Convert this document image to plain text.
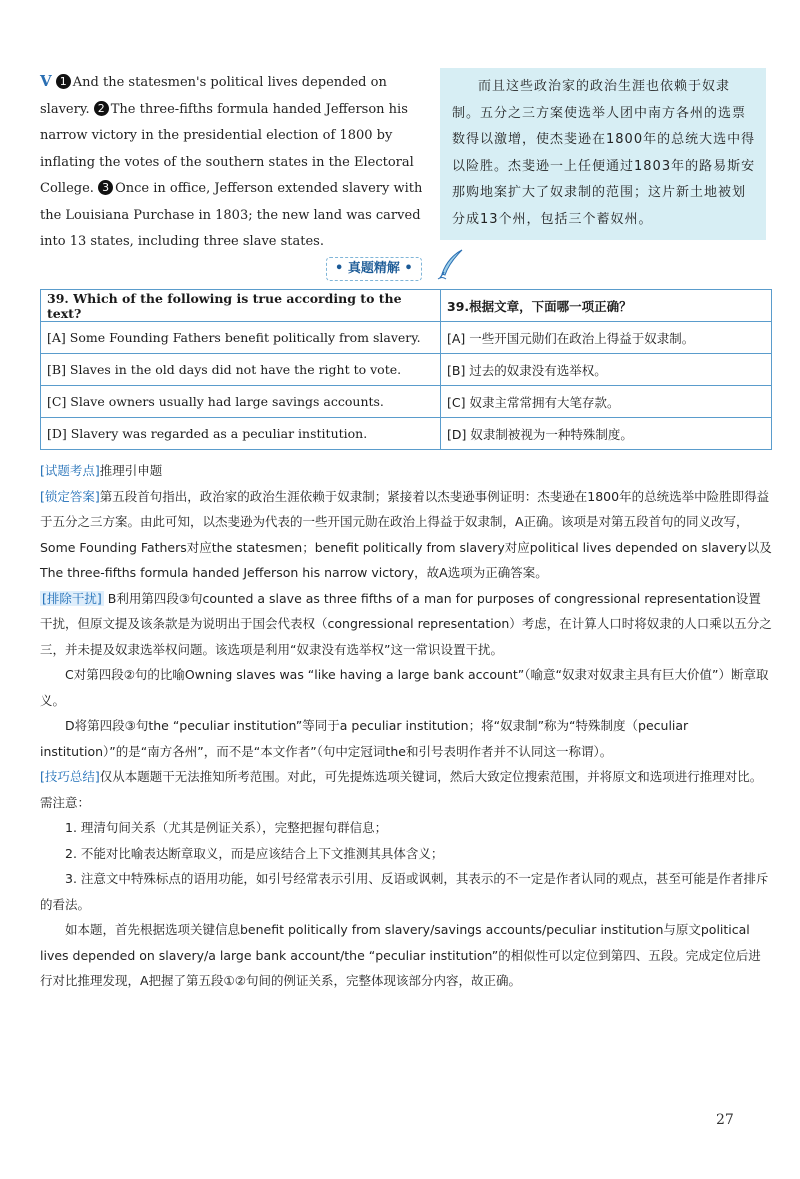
V 1 And the statesmen's political lives depended on slavery. 2 The three-fifths formula handed Jefferson his narrow victory in the presidential election of 1800 by inflating the votes of the southern states in the Electoral College. 3 Once in office, Jefferson extended slavery with the Louisiana Purchase in 1803; the new land was carved into 13 states, including three slave states.
而且这些政治家的政治生涯也依赖于奴隶制。五分之三方案使选举人团中南方各州的选票数得以激增，使杰斐逊在1800年的总统大选中得以险胜。杰斐逊一上任便通过1803年的路易斯安那购地案扩大了奴隶制的范围；这片新土地被划分成13个州，包括三个蓄奴州。
• 真题精解 •
39. Which of the following is true according to the text?	39.根据文章，下面哪一项正确？
[A] Some Founding Fathers benefit politically from slavery.	[A] 一些开国元勋们在政治上得益于奴隶制。
[B] Slaves in the old days did not have the right to vote.	[B] 过去的奴隶没有选举权。
[C] Slave owners usually had large savings accounts.	[C] 奴隶主常常拥有大笔存款。
[D] Slavery was regarded as a peculiar institution.	[D] 奴隶制被视为一种特殊制度。

[试题考点]推理引申题

[锁定答案]第五段首句指出，政治家的政治生涯依赖于奴隶制；紧接着以杰斐逊事例证明：杰斐逊在1800年的总统选举中险胜即得益于五分之三方案。由此可知，以杰斐逊为代表的一些开国元勋在政治上得益于奴隶制，A正确。该项是对第五段首句的同义改写，Some Founding Fathers对应the statesmen；benefit politically from slavery对应political lives depended on slavery以及The three-fifths formula handed Jefferson his narrow victory，故A选项为正确答案。

[排除干扰] B利用第四段③句counted a slave as three fifths of a man for purposes of congressional representation设置干扰，但原文提及该条款是为说明出于国会代表权（congressional representation）考虑，在计算人口时将奴隶的人口乘以五分之三，并未提及奴隶选举权问题。该选项是利用“奴隶没有选举权”这一常识设置干扰。

C对第四段②句的比喻Owning slaves was “like having a large bank account”（喻意“奴隶对奴隶主具有巨大价值”）断章取义。

D将第四段③句the “peculiar institution”等同于a peculiar institution；将“奴隶制”称为“特殊制度（peculiar institution）”的是“南方各州”，而不是“本文作者”（句中定冠词the和引号表明作者并不认同这一称谓）。

[技巧总结]仅从本题题干无法推知所考范围。对此，可先提炼选项关键词，然后大致定位搜索范围，并将原文和选项进行推理对比。需注意：

1. 理清句间关系（尤其是例证关系），完整把握句群信息；

2. 不能对比喻表达断章取义，而是应该结合上下文推测其具体含义；

3. 注意文中特殊标点的语用功能，如引号经常表示引用、反语或讽刺，其表示的不一定是作者认同的观点，甚至可能是作者排斥的看法。

如本题，首先根据选项关键信息benefit politically from slavery/savings accounts/peculiar institution与原文political lives depended on slavery/a large bank account/the “peculiar institution”的相似性可以定位到第四、五段。完成定位后进行对比推理发现，A把握了第五段①②句间的例证关系，完整体现该部分内容，故正确。

27
